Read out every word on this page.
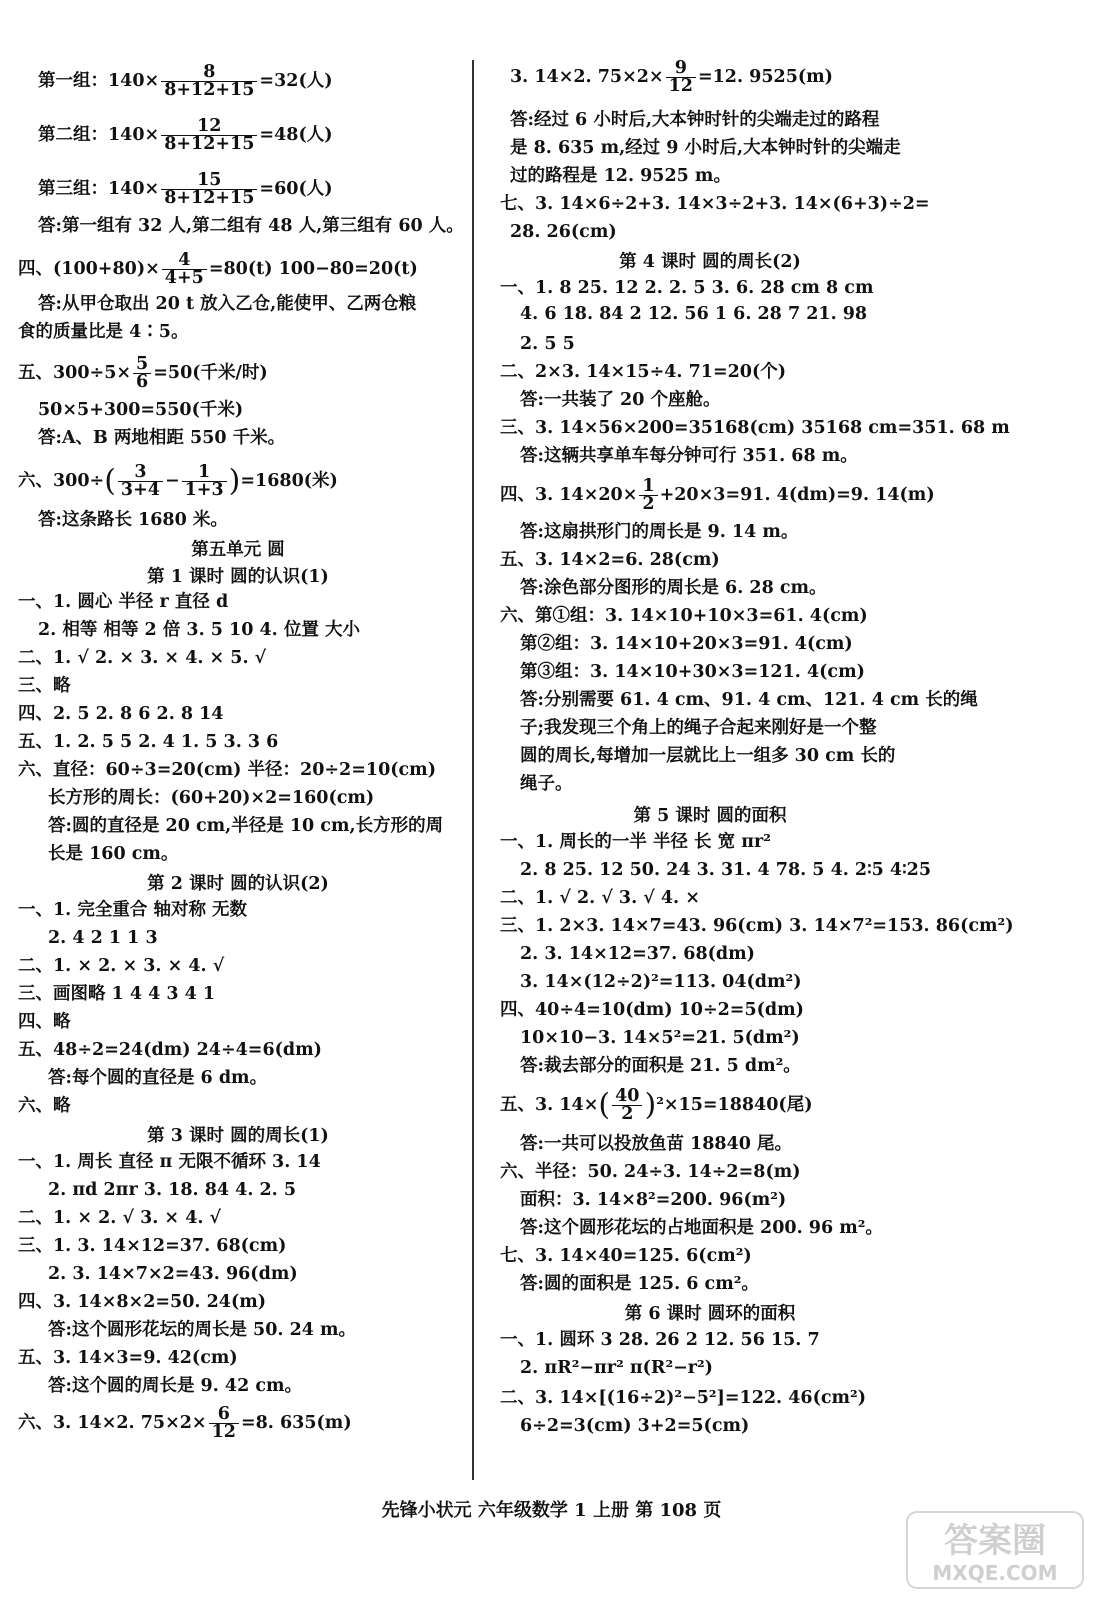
第一组：$140\times \frac{8}{8+12+15} =32$(人)
第二组：$140\times \frac{12}{8+12+15} =48$(人)
第三组：$140\times \frac{15}{8+12+15} =60$(人)
答:第一组有 32 人,第二组有 48 人,第三组有 60 人。
四、$(100+80)\times \frac{4}{4+5} =80(t)$ 100−80=20(t)
答:从甲仓取出 20 t 放入乙仓,能使甲、乙两仓粮
食的质量比是 4∶5。
五、$300\div 5\times \frac{5}{6} =50$(千米/时)
50×5+300=550(千米)
答:A、B 两地相距 550 千米。
六、$300\div( \frac{3}{3+4} - \frac{1}{1+3} )=1680$(米)
答:这条路长 1680 米。
第五单元 圆
第 1 课时 圆的认识(1)
一、1. 圆心 半径 r 直径 d
2. 相等 相等 2 倍 3. 5 10 4. 位置 大小
二、1. √ 2. × 3. × 4. × 5. √
三、略
四、2. 5 2. 8 6 2. 8 14
五、1. 2. 5 5 2. 4 1. 5 3. 3 6
六、直径：60÷3=20(cm) 半径：20÷2=10(cm)
长方形的周长：(60+20)×2=160(cm)
答:圆的直径是 20 cm,半径是 10 cm,长方形的周
长是 160 cm。
第 2 课时 圆的认识(2)
一、1. 完全重合 轴对称 无数
2. 4 2 1 1 3
二、1. × 2. × 3. × 4. √
三、画图略 1 4 4 3 4 1
四、略
五、48÷2=24(dm) 24÷4=6(dm)
答:每个圆的直径是 6 dm。
六、略
第 3 课时 圆的周长(1)
一、1. 周长 直径 π 无限不循环 3. 14
2. πd 2πr 3. 18. 84 4. 2. 5
二、1. × 2. √ 3. × 4. √
三、1. 3. 14×12=37. 68(cm)
2. 3. 14×7×2=43. 96(dm)
四、3. 14×8×2=50. 24(m)
答:这个圆形花坛的周长是 50. 24 m。
五、3. 14×3=9. 42(cm)
答:这个圆的周长是 9. 42 cm。
六、3. 14×2. $75\times 2\times \frac{6}{12} =8$. 635(m)
3. 14×2. $75\times 2\times \frac{9}{12} =12$. 9525(m)
答:经过 6 小时后,大本钟时针的尖端走过的路程
是 8. 635 m,经过 9 小时后,大本钟时针的尖端走
过的路程是 12. 9525 m。
七、3. 14×6÷2+3. 14×3÷2+3. 14×(6+3)÷2=
28. 26(cm)
第 4 课时 圆的周长(2)
一、1. 8 25. 12 2. 2. 5 3. 6. 28 cm 8 cm
4. 6 18. 84 2 12. 56 1 6. 28 7 21. 98
2. 5 5
二、2×3. 14×15÷4. 71=20(个)
答:一共装了 20 个座舱。
三、3. 14×56×200=35168(cm) 35168 cm=351. 68 m
答:这辆共享单车每分钟可行 351. 68 m。
四、3. $14\times 20\times \frac{1}{2} +20\times 3=91$. 4(dm)=9. 14(m)
答:这扇拱形门的周长是 9. 14 m。
五、3. 14×2=6. 28(cm)
答:涂色部分图形的周长是 6. 28 cm。
六、第①组：3. 14×10+10×3=61. 4(cm)
第②组：3. 14×10+20×3=91. 4(cm)
第③组：3. 14×10+30×3=121. 4(cm)
答:分别需要 61. 4 cm、91. 4 cm、121. 4 cm 长的绳
子;我发现三个角上的绳子合起来刚好是一个整
圆的周长,每增加一层就比上一组多 30 cm 长的
绳子。
第 5 课时 圆的面积
一、1. 周长的一半 半径 长 宽 πr²
2. 8 25. 12 50. 24 3. 31. 4 78. 5 4. 2∶5 4∶25
二、1. √ 2. √ 3. √ 4. ×
三、1. 2×3. 14×7=43. 96(cm) 3. 14×7²=153. 86(cm²)
2. 3. 14×12=37. 68(dm)
3. 14×(12÷2)²=113. 04(dm²)
四、40÷4=10(dm) 10÷2=5(dm)
10×10−3. 14×5²=21. 5(dm²)
答:裁去部分的面积是 21. 5 dm²。
五、3. $14\times( \frac{40}{2} )^2\times 15=18840$(尾)
答:一共可以投放鱼苗 18840 尾。
六、半径：50. 24÷3. 14÷2=8(m)
面积：3. 14×8²=200. 96(m²)
答:这个圆形花坛的占地面积是 200. 96 m²。
七、3. 14×40=125. 6(cm²)
答:圆的面积是 125. 6 cm²。
第 6 课时 圆环的面积
一、1. 圆环 3 28. 26 2 12. 56 15. 7
2. πR²−πr² π(R²−r²)
二、3. 14×[(16÷2)²−5²]=122. 46(cm²)
6÷2=3(cm) 3+2=5(cm)
先锋小状元 六年级数学 1 上册 第 108 页
答案圈
MXQE.COM
